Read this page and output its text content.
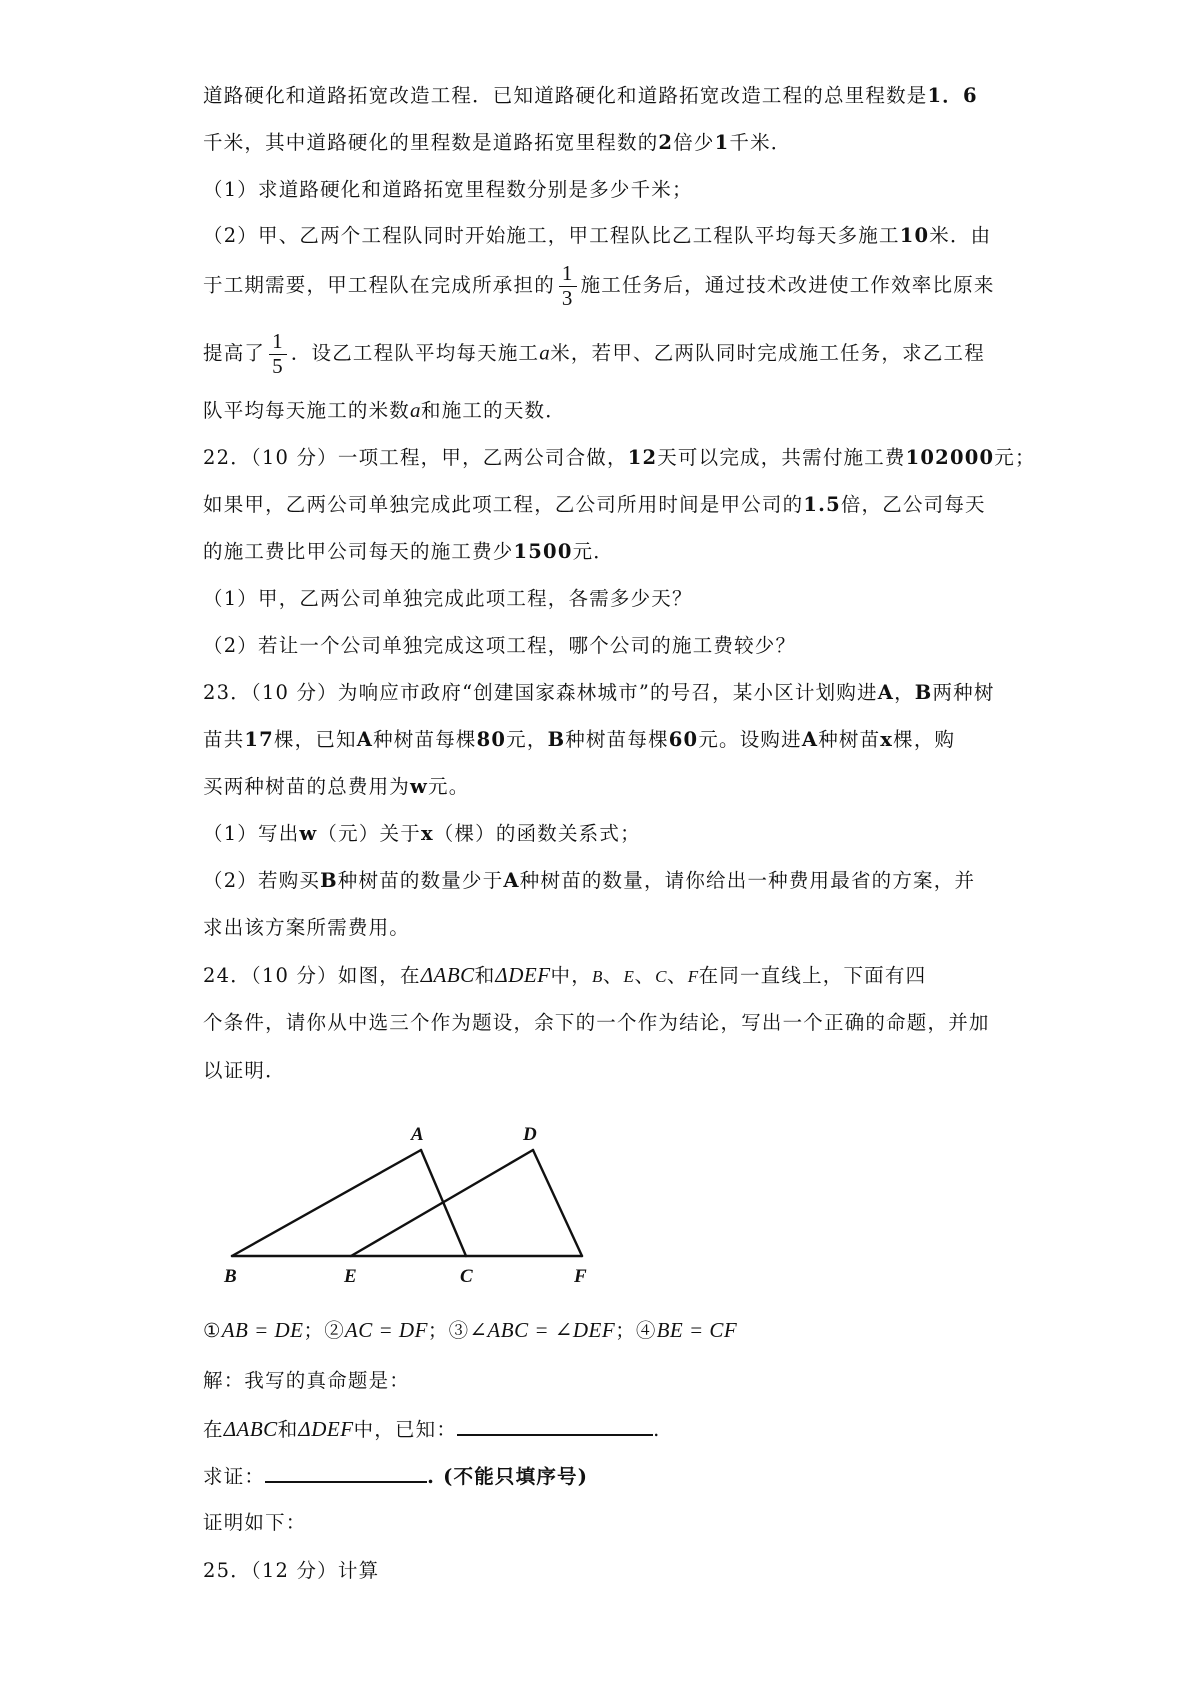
道路硬化和道路拓宽改造工程．已知道路硬化和道路拓宽改造工程的总里程数是1．6
千米，其中道路硬化的里程数是道路拓宽里程数的2倍少1千米．
（1）求道路硬化和道路拓宽里程数分别是多少千米；
（2）甲、乙两个工程队同时开始施工，甲工程队比乙工程队平均每天多施工10米．由
于工期需要，甲工程队在完成所承担的 $\frac{1}{3}$ 施工任务后，通过技术改进使工作效率比原来
提高了 $\frac{1}{5}$ ．设乙工程队平均每天施工a米，若甲、乙两队同时完成施工任务，求乙工程
队平均每天施工的米数a和施工的天数．
22．（10 分）一项工程，甲，乙两公司合做，12天可以完成，共需付施工费102000元；
如果甲，乙两公司单独完成此项工程，乙公司所用时间是甲公司的1.5倍，乙公司每天
的施工费比甲公司每天的施工费少1500元．
（1）甲，乙两公司单独完成此项工程，各需多少天？
（2）若让一个公司单独完成这项工程，哪个公司的施工费较少？
23．（10 分）为响应市政府“创建国家森林城市”的号召，某小区计划购进A，B两种树
苗共17棵，已知A种树苗每棵80元，B种树苗每棵60元。设购进A种树苗x棵，购
买两种树苗的总费用为w元。
（1）写出w（元）关于x（棵）的函数关系式；
（2）若购买B种树苗的数量少于A种树苗的数量，请你给出一种费用最省的方案，并
求出该方案所需费用。
24．（10 分）如图，在ΔABC和ΔDEF中，B、E、C、F在同一直线上，下面有四
个条件，请你从中选三个作为题设，余下的一个作为结论，写出一个正确的命题，并加
以证明．
A	D
B	E	C	F
①AB = DE；②AC = DF；③∠ABC = ∠DEF；④BE = CF
解：我写的真命题是：
在ΔABC和ΔDEF中，已知：	.
求证：	. (不能只填序号)
证明如下：
25．（12 分）计算
